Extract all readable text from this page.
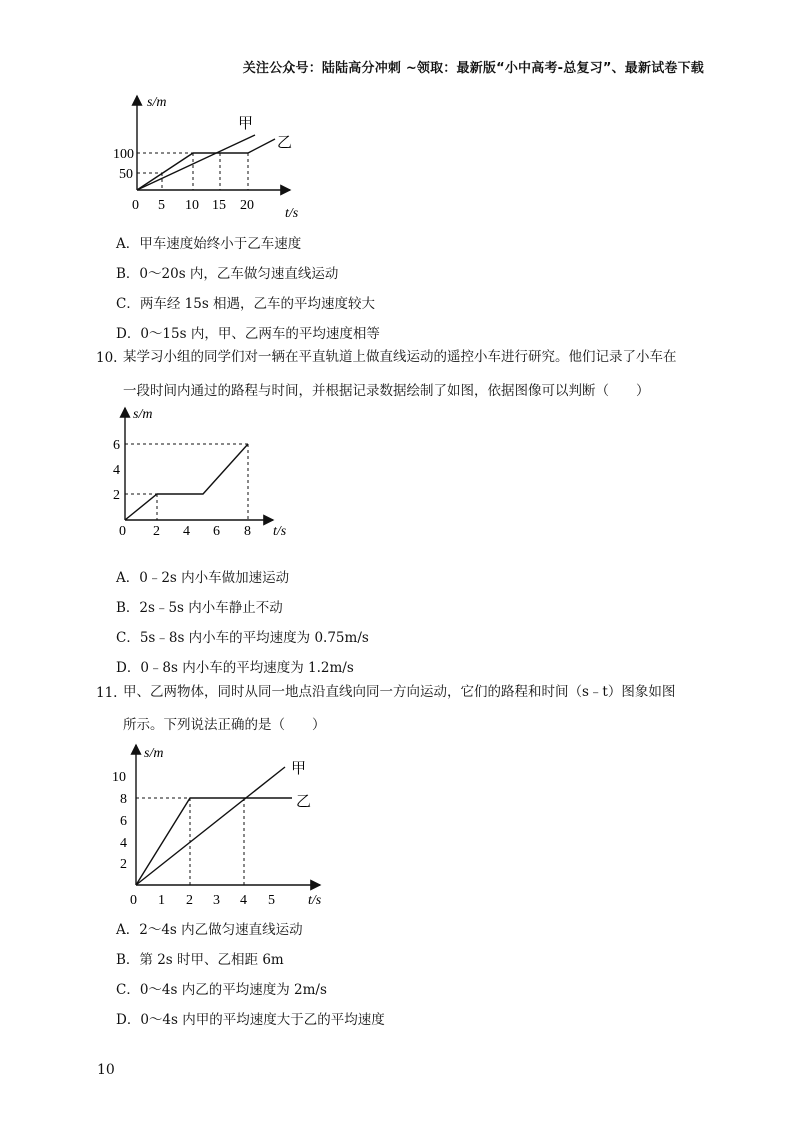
关注公众号：陆陆高分冲刺 ~领取：最新版“小中高考-总复习”、最新试卷下载
s/m
t/s
100
50
0 5 10 15 20
甲
乙
A．甲车速度始终小于乙车速度
B．0～20s 内，乙车做匀速直线运动
C．两车经 15s 相遇，乙车的平均速度较大
D．0～15s 内，甲、乙两车的平均速度相等
10. 某学习小组的同学们对一辆在平直轨道上做直线运动的遥控小车进行研究。他们记录了小车在
一段时间内通过的路程与时间，并根据记录数据绘制了如图，依据图像可以判断（　　）
s/m
t/s
2
4
6
0 2 4 6 8
A．0﹣2s 内小车做加速运动
B．2s﹣5s 内小车静止不动
C．5s﹣8s 内小车的平均速度为 0.75m/s
D．0﹣8s 内小车的平均速度为 1.2m/s
11. 甲、乙两物体，同时从同一地点沿直线向同一方向运动，它们的路程和时间（s﹣t）图象如图
所示。下列说法正确的是（　　）
s/m
t/s
2
4
6
8
10
0 1 2 3 4 5
甲
乙
A．2～4s 内乙做匀速直线运动
B．第 2s 时甲、乙相距 6m
C．0～4s 内乙的平均速度为 2m/s
D．0～4s 内甲的平均速度大于乙的平均速度
10
